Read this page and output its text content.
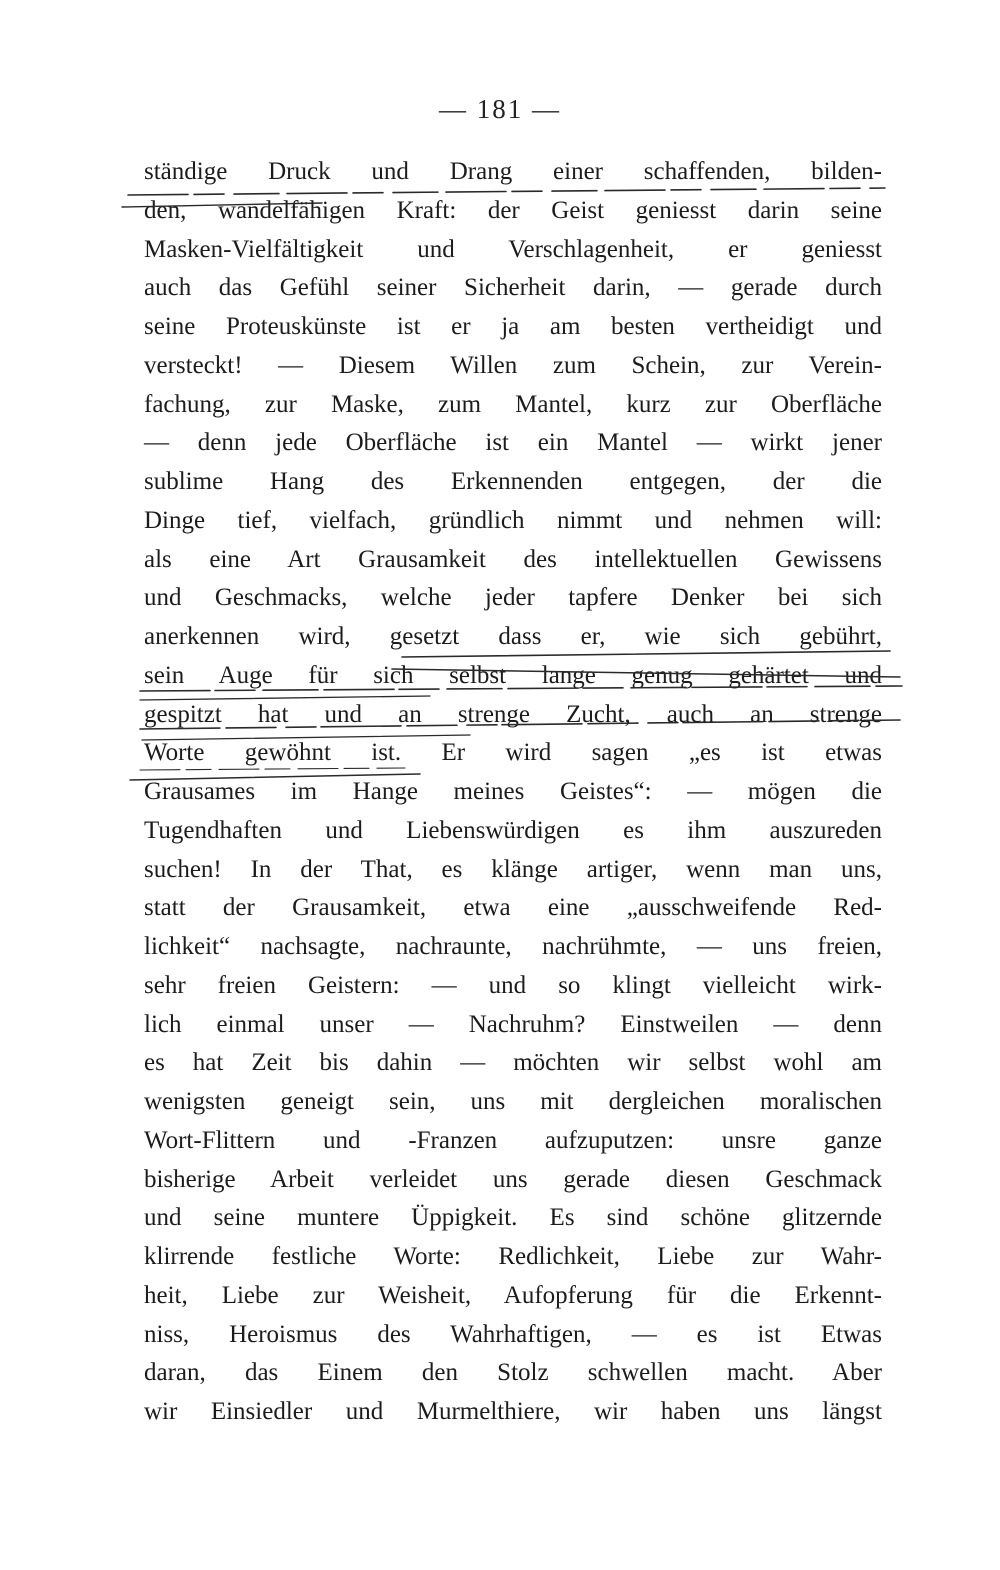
— 181 —
ständige Druck und Drang einer schaffenden, bilden-
den, wandelfähigen Kraft: der Geist geniesst darin seine
Masken-Vielfältigkeit und Verschlagenheit, er geniesst
auch das Gefühl seiner Sicherheit darin, — gerade durch
seine Proteuskünste ist er ja am besten vertheidigt und
versteckt! — Diesem Willen zum Schein, zur Verein-
fachung, zur Maske, zum Mantel, kurz zur Oberfläche
— denn jede Oberfläche ist ein Mantel — wirkt jener
sublime Hang des Erkennenden entgegen, der die
Dinge tief, vielfach, gründlich nimmt und nehmen will:
als eine Art Grausamkeit des intellektuellen Gewissens
und Geschmacks, welche jeder tapfere Denker bei sich
anerkennen wird, gesetzt dass er, wie sich gebührt,
sein Auge für sich selbst lange genug gehärtet und
gespitzt hat und an strenge Zucht, auch an strenge
Worte gewöhnt ist. Er wird sagen „es ist etwas
Grausames im Hange meines Geistes“: — mögen die
Tugendhaften und Liebenswürdigen es ihm auszureden
suchen! In der That, es klänge artiger, wenn man uns,
statt der Grausamkeit, etwa eine „ausschweifende Red-
lichkeit“ nachsagte, nachraunte, nachrühmte, — uns freien,
sehr freien Geistern: — und so klingt vielleicht wirk-
lich einmal unser — Nachruhm? Einstweilen — denn
es hat Zeit bis dahin — möchten wir selbst wohl am
wenigsten geneigt sein, uns mit dergleichen moralischen
Wort-Flittern und -Franzen aufzuputzen: unsre ganze
bisherige Arbeit verleidet uns gerade diesen Geschmack
und seine muntere Üppigkeit. Es sind schöne glitzernde
klirrende festliche Worte: Redlichkeit, Liebe zur Wahr-
heit, Liebe zur Weisheit, Aufopferung für die Erkennt-
niss, Heroismus des Wahrhaftigen, — es ist Etwas
daran, das Einem den Stolz schwellen macht. Aber
wir Einsiedler und Murmelthiere, wir haben uns längst
